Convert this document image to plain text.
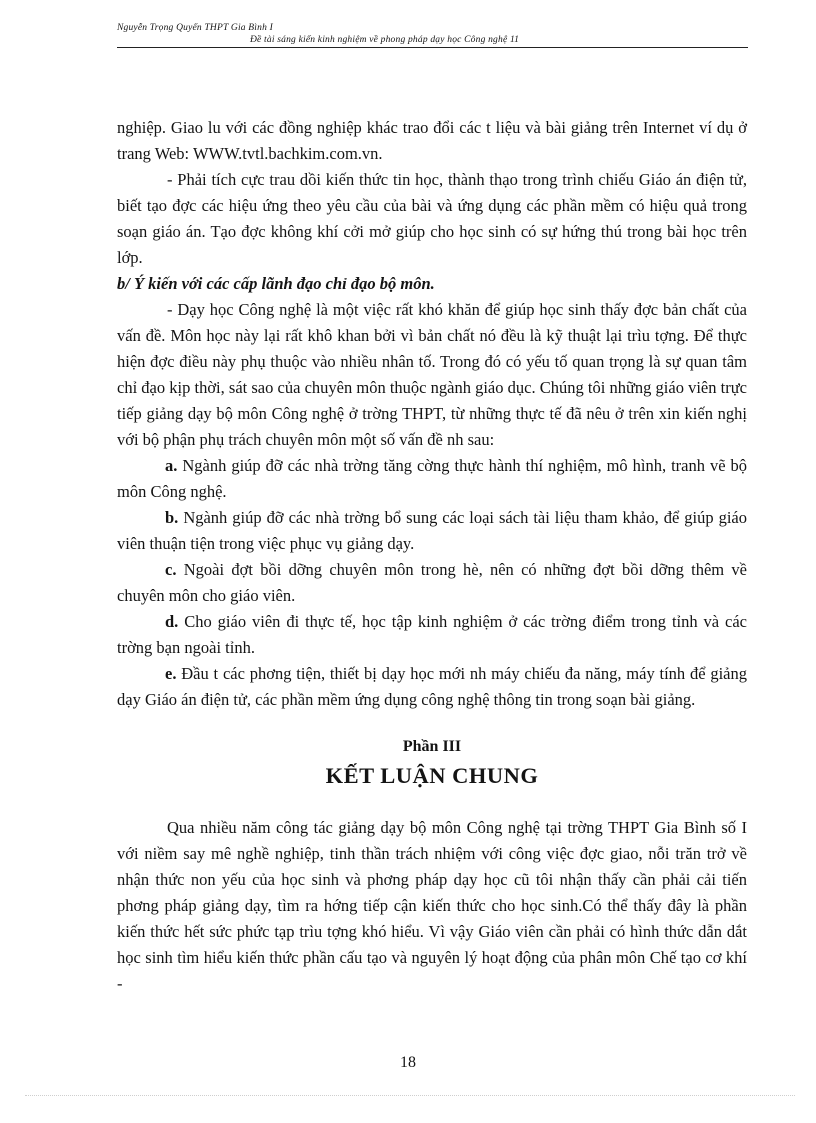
Nguyễn Trọng Quyến THPT Gia Bình I
Đề tài sáng kiến kinh nghiệm về phong pháp dạy học Công nghệ 11

nghiệp. Giao lu với các đồng nghiệp khác trao đổi các t liệu và bài giảng trên Internet ví dụ ở trang Web: WWW.tvtl.bachkim.com.vn.

- Phải tích cực trau dồi kiến thức tin học, thành thạo trong trình chiếu Giáo án điện tử, biết tạo đợc các hiệu ứng theo yêu cầu của bài và ứng dụng các phần mềm có hiệu quả trong soạn giáo án. Tạo đợc không khí cởi mở giúp cho học sinh có sự hứng thú trong bài học trên lớp.

b/ Ý kiến với các cấp lãnh đạo chỉ đạo bộ môn.

- Dạy học Công nghệ là một việc rất khó khăn để giúp học sinh thấy đợc bản chất của vấn đề. Môn học này lại rất khô khan bởi vì bản chất nó đều là kỹ thuật lại trìu tợng. Để thực hiện đợc điều này phụ thuộc vào nhiều nhân tố. Trong đó có yếu tố quan trọng là sự quan tâm chỉ đạo kịp thời, sát sao của chuyên môn thuộc ngành giáo dục. Chúng tôi những giáo viên trực tiếp giảng dạy bộ môn Công nghệ ở trờng THPT, từ những thực tế đã nêu ở trên xin kiến nghị với bộ phận phụ trách chuyên môn một số vấn đề nh sau:

a. Ngành giúp đỡ các nhà trờng tăng cờng thực hành thí nghiệm, mô hình, tranh vẽ bộ môn Công nghệ.

b. Ngành giúp đỡ các nhà trờng bổ sung các loại sách tài liệu tham khảo, để giúp giáo viên thuận tiện trong việc phục vụ giảng dạy.

c. Ngoài đợt bồi dỡng chuyên môn trong hè, nên có những đợt bồi dỡng thêm về chuyên môn cho giáo viên.

d. Cho giáo viên đi thực tế, học tập kinh nghiệm ở các trờng điểm trong tỉnh và các trờng bạn ngoài tỉnh.

e. Đầu t các phơng tiện, thiết bị dạy học mới nh máy chiếu đa năng, máy tính để giảng dạy Giáo án điện tử, các phần mềm ứng dụng công nghệ thông tin trong soạn bài giảng.

Phần III

KẾT LUẬN CHUNG

Qua nhiều năm công tác giảng dạy bộ môn Công nghệ tại trờng THPT Gia Bình số I với niềm say mê nghề nghiệp, tinh thần trách nhiệm với công việc đợc giao, nỗi trăn trở về nhận thức non yếu của học sinh và phơng pháp dạy học cũ tôi nhận thấy cần phải cải tiến phơng pháp giảng dạy, tìm ra hớng tiếp cận kiến thức cho học sinh.Có thể thấy đây là phần kiến thức hết sức phức tạp trìu tợng khó hiểu. Vì vậy Giáo viên cần phải có hình thức dẫn dắt học sinh tìm hiểu kiến thức phần cấu tạo và nguyên lý hoạt động của phân môn Chế tạo cơ khí -

18
